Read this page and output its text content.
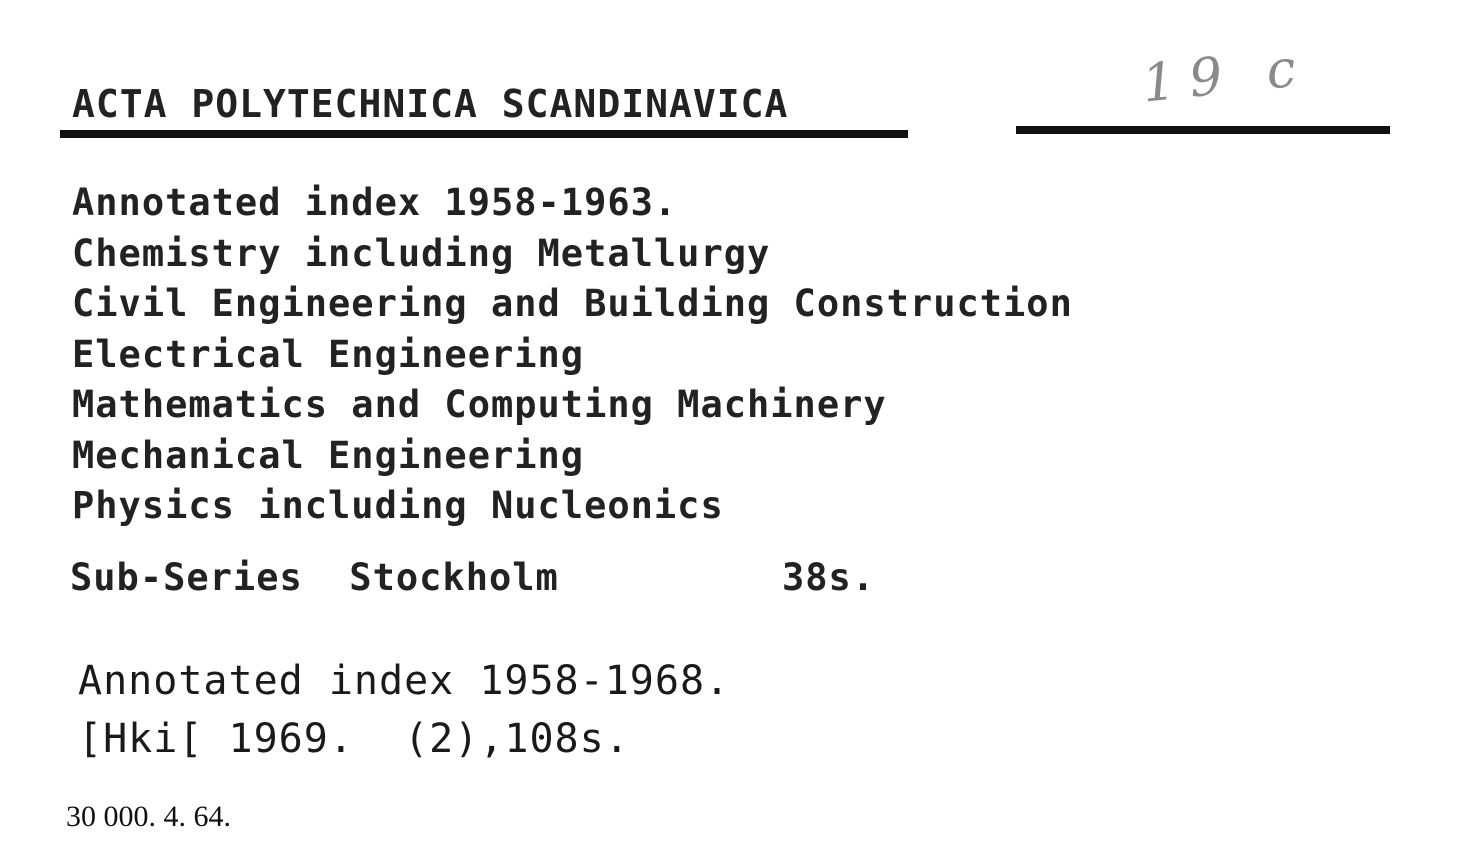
ACTA POLYTECHNICA SCANDINAVICA	19 c
Annotated index 1958-1963.
Chemistry including Metallurgy
Civil Engineering and Building Construction
Electrical Engineering
Mathematics and Computing Machinery
Mechanical Engineering
Physics including Nucleonics
Sub-Series  Stockholm	38s.
Annotated index 1958-1968.
[Hki[ 1969.  (2),108s.
30 000. 4. 64.
